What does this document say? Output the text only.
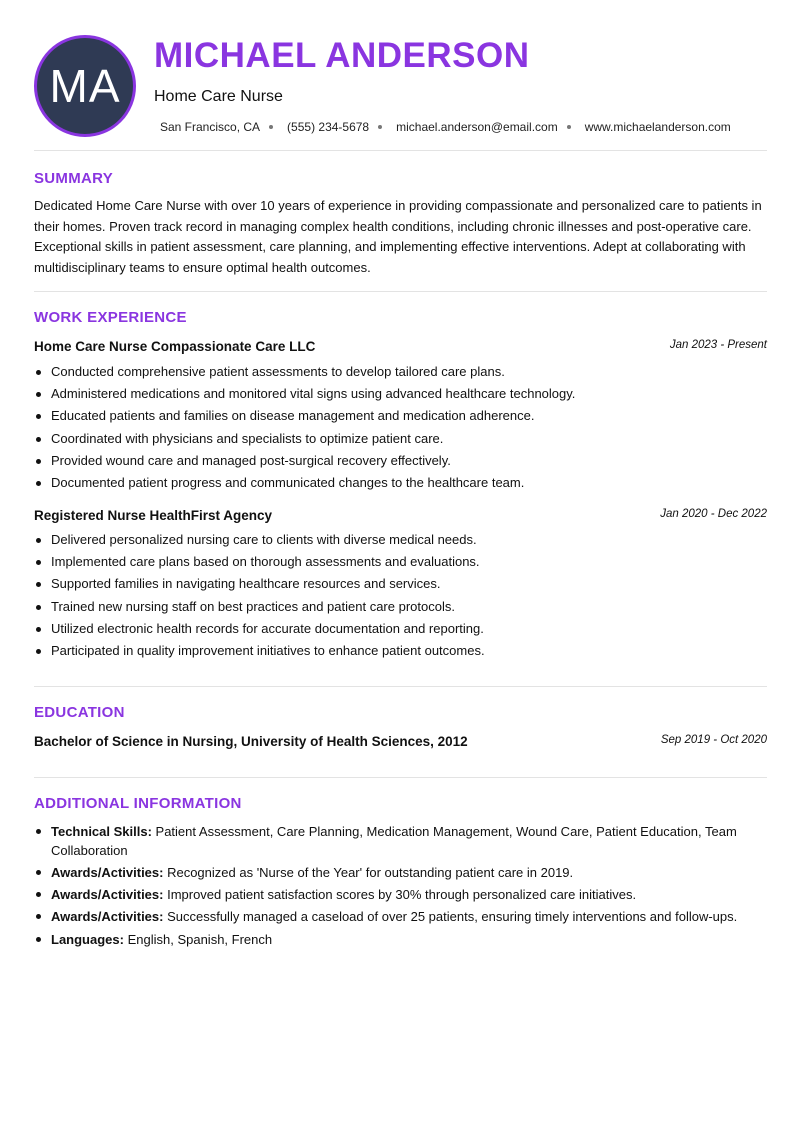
MA
MICHAEL ANDERSON
Home Care Nurse
San Francisco, CA (555) 234-5678 michael.anderson@email.com www.michaelanderson.com
SUMMARY
Dedicated Home Care Nurse with over 10 years of experience in providing compassionate and personalized care to patients in their homes. Proven track record in managing complex health conditions, including chronic illnesses and post-operative care. Exceptional skills in patient assessment, care planning, and implementing effective interventions. Adept at collaborating with multidisciplinary teams to ensure optimal health outcomes.
WORK EXPERIENCE
Home Care Nurse Compassionate Care LLC	Jan 2023 - Present
Conducted comprehensive patient assessments to develop tailored care plans.
Administered medications and monitored vital signs using advanced healthcare technology.
Educated patients and families on disease management and medication adherence.
Coordinated with physicians and specialists to optimize patient care.
Provided wound care and managed post-surgical recovery effectively.
Documented patient progress and communicated changes to the healthcare team.
Registered Nurse HealthFirst Agency	Jan 2020 - Dec 2022
Delivered personalized nursing care to clients with diverse medical needs.
Implemented care plans based on thorough assessments and evaluations.
Supported families in navigating healthcare resources and services.
Trained new nursing staff on best practices and patient care protocols.
Utilized electronic health records for accurate documentation and reporting.
Participated in quality improvement initiatives to enhance patient outcomes.
EDUCATION
Bachelor of Science in Nursing, University of Health Sciences, 2012	Sep 2019 - Oct 2020
ADDITIONAL INFORMATION
Technical Skills: Patient Assessment, Care Planning, Medication Management, Wound Care, Patient Education, Team Collaboration
Awards/Activities: Recognized as 'Nurse of the Year' for outstanding patient care in 2019.
Awards/Activities: Improved patient satisfaction scores by 30% through personalized care initiatives.
Awards/Activities: Successfully managed a caseload of over 25 patients, ensuring timely interventions and follow-ups.
Languages: English, Spanish, French
